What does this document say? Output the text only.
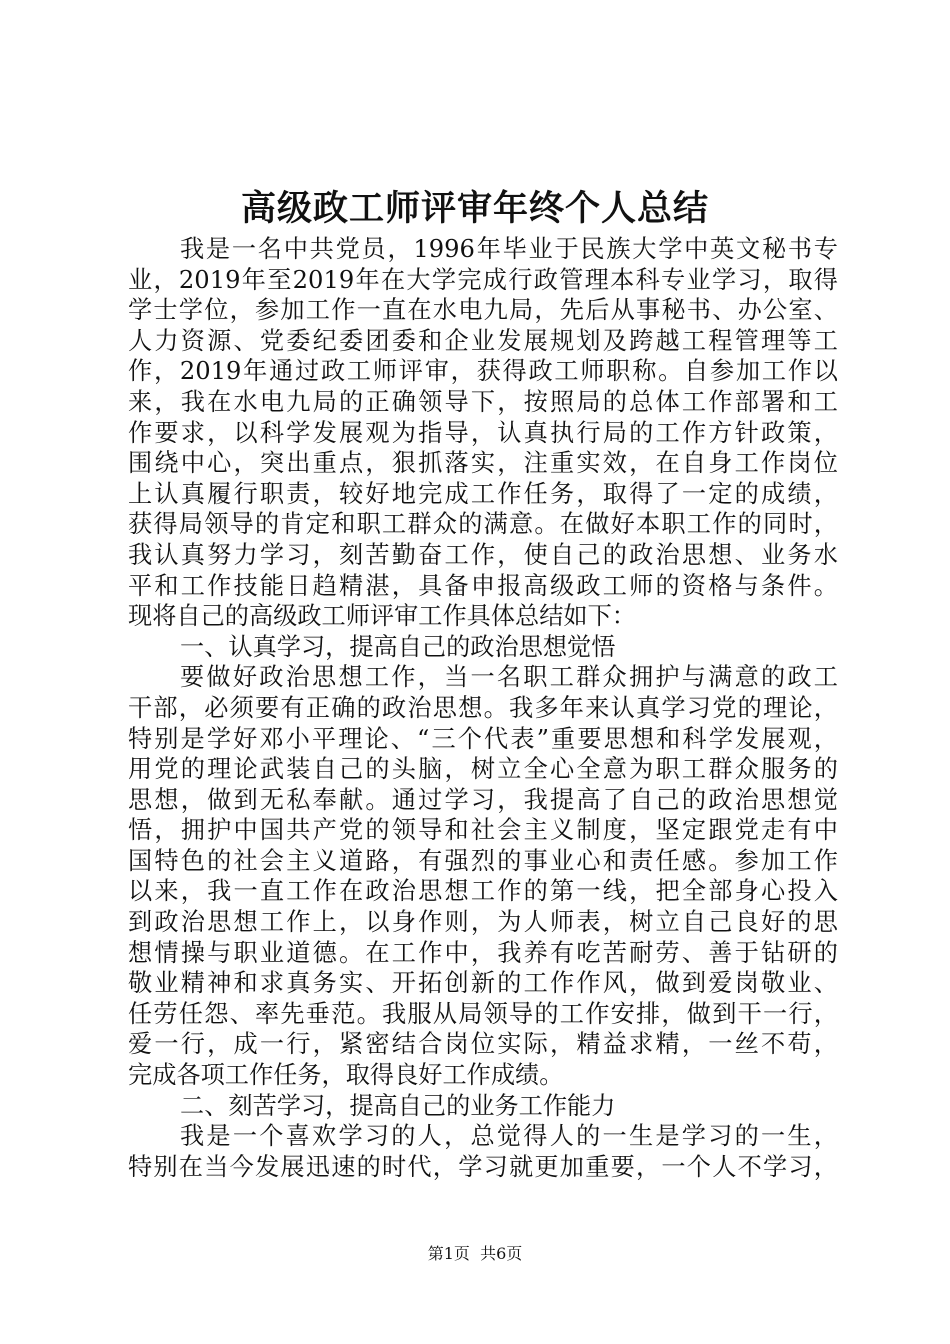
高级政工师评审年终个人总结
我是一名中共党员，1996年毕业于民族大学中英文秘书专
业，2019年至2019年在大学完成行政管理本科专业学习，取得
学士学位，参加工作一直在水电九局，先后从事秘书、办公室、
人力资源、党委纪委团委和企业发展规划及跨越工程管理等工
作，2019年通过政工师评审，获得政工师职称。自参加工作以
来，我在水电九局的正确领导下，按照局的总体工作部署和工
作要求，以科学发展观为指导，认真执行局的工作方针政策，
围绕中心，突出重点，狠抓落实，注重实效，在自身工作岗位
上认真履行职责，较好地完成工作任务，取得了一定的成绩，
获得局领导的肯定和职工群众的满意。在做好本职工作的同时，
我认真努力学习，刻苦勤奋工作，使自己的政治思想、业务水
平和工作技能日趋精湛，具备申报高级政工师的资格与条件。
现将自己的高级政工师评审工作具体总结如下：
一、认真学习，提高自己的政治思想觉悟
要做好政治思想工作，当一名职工群众拥护与满意的政工
干部，必须要有正确的政治思想。我多年来认真学习党的理论，
特别是学好邓小平理论、“三个代表”重要思想和科学发展观，
用党的理论武装自己的头脑，树立全心全意为职工群众服务的
思想，做到无私奉献。通过学习，我提高了自己的政治思想觉
悟，拥护中国共产党的领导和社会主义制度，坚定跟党走有中
国特色的社会主义道路，有强烈的事业心和责任感。参加工作
以来，我一直工作在政治思想工作的第一线，把全部身心投入
到政治思想工作上，以身作则，为人师表，树立自己良好的思
想情操与职业道德。在工作中，我养有吃苦耐劳、善于钻研的
敬业精神和求真务实、开拓创新的工作作风，做到爱岗敬业、
任劳任怨、率先垂范。我服从局领导的工作安排，做到干一行，
爱一行，成一行，紧密结合岗位实际，精益求精，一丝不苟，
完成各项工作任务，取得良好工作成绩。
二、刻苦学习，提高自己的业务工作能力
我是一个喜欢学习的人，总觉得人的一生是学习的一生，
特别在当今发展迅速的时代，学习就更加重要，一个人不学习，
第1页  共6页
